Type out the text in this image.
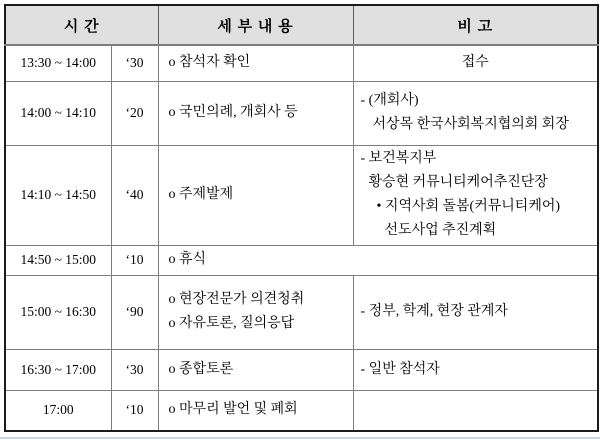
시 간		세 부 내 용	비 고
13:30 ~ 14:00	‘30	o 참석자 확인	접수

14:00 ~ 14:10	‘20	o 국민의례, 개회사 등	- (개회사)
서상목 한국사회복지협의회 회장

14:10 ~ 14:50	‘40	o 주제발제	- 보건복지부
황승현 커뮤니티케어추진단장
• 지역사회 돌봄(커뮤니티케어)
선도사업 추진계획

14:50 ~ 15:00	‘10	o 휴식	

15:00 ~ 16:30	‘90	o 현장전문가 의견청취
o 자유토론, 질의응답	- 정부, 학계, 현장 관계자

16:30 ~ 17:00	‘30	o 종합토론	- 일반 참석자

17:00	‘10	o 마무리 발언 및 폐회	
